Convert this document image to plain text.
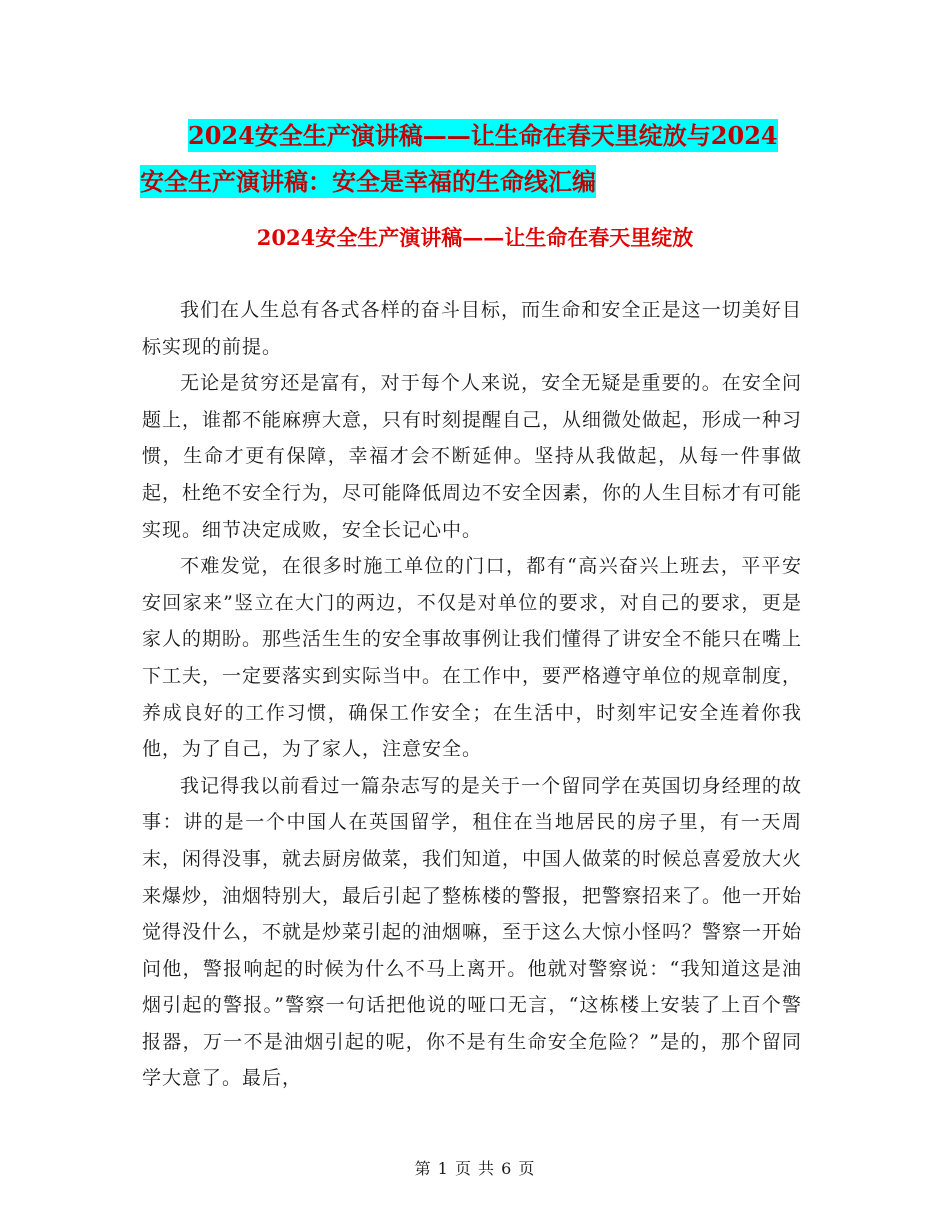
2024安全生产演讲稿——让生命在春天里绽放与2024
安全生产演讲稿：安全是幸福的生命线汇编
2024安全生产演讲稿——让生命在春天里绽放

我们在人生总有各式各样的奋斗目标，而生命和安全正是这一切美好目标实现的前提。

无论是贫穷还是富有，对于每个人来说，安全无疑是重要的。在安全问题上，谁都不能麻痹大意，只有时刻提醒自己，从细微处做起，形成一种习惯，生命才更有保障，幸福才会不断延伸。坚持从我做起，从每一件事做起，杜绝不安全行为，尽可能降低周边不安全因素，你的人生目标才有可能实现。细节决定成败，安全长记心中。

不难发觉，在很多时施工单位的门口，都有“高兴奋兴上班去，平平安安回家来”竖立在大门的两边，不仅是对单位的要求，对自己的要求，更是家人的期盼。那些活生生的安全事故事例让我们懂得了讲安全不能只在嘴上下工夫，一定要落实到实际当中。在工作中，要严格遵守单位的规章制度，养成良好的工作习惯，确保工作安全；在生活中，时刻牢记安全连着你我他，为了自己，为了家人，注意安全。

我记得我以前看过一篇杂志写的是关于一个留同学在英国切身经理的故事：讲的是一个中国人在英国留学，租住在当地居民的房子里，有一天周末，闲得没事，就去厨房做菜，我们知道，中国人做菜的时候总喜爱放大火来爆炒，油烟特别大，最后引起了整栋楼的警报，把警察招来了。他一开始觉得没什么，不就是炒菜引起的油烟嘛，至于这么大惊小怪吗？警察一开始问他，警报响起的时候为什么不马上离开。他就对警察说：“我知道这是油烟引起的警报。”警察一句话把他说的哑口无言，“这栋楼上安装了上百个警报器，万一不是油烟引起的呢，你不是有生命安全危险？”是的，那个留同学大意了。最后，

第 1 页 共 6 页
